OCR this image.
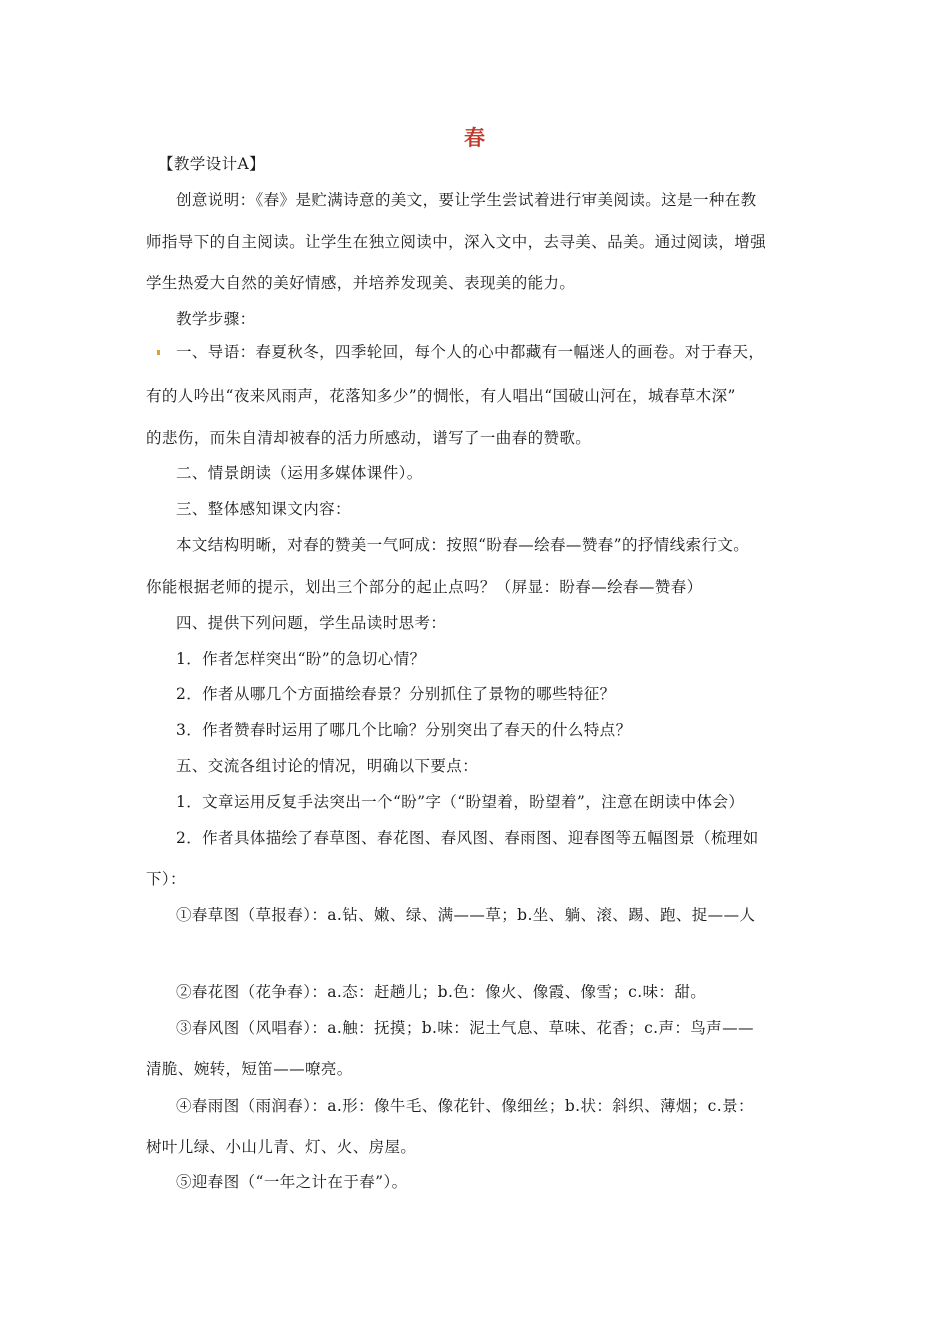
春
【教学设计A】
创意说明：《春》是贮满诗意的美文，要让学生尝试着进行审美阅读。这是一种在教
师指导下的自主阅读。让学生在独立阅读中，深入文中，去寻美、品美。通过阅读，增强
学生热爱大自然的美好情感，并培养发现美、表现美的能力。
教学步骤：
一、导语：春夏秋冬，四季轮回，每个人的心中都藏有一幅迷人的画卷。对于春天，
有的人吟出“夜来风雨声，花落知多少”的惆怅，有人唱出“国破山河在，城春草木深”
的悲伤，而朱自清却被春的活力所感动，谱写了一曲春的赞歌。
二、情景朗读（运用多媒体课件）。
三、整体感知课文内容：
本文结构明晰，对春的赞美一气呵成：按照“盼春—绘春—赞春”的抒情线索行文。
你能根据老师的提示，划出三个部分的起止点吗？（屏显：盼春—绘春—赞春）
四、提供下列问题，学生品读时思考：
1．作者怎样突出“盼”的急切心情？
2．作者从哪几个方面描绘春景？分别抓住了景物的哪些特征？
3．作者赞春时运用了哪几个比喻？分别突出了春天的什么特点？
五、交流各组讨论的情况，明确以下要点：
1．文章运用反复手法突出一个“盼”字（“盼望着，盼望着”，注意在朗读中体会）
2．作者具体描绘了春草图、春花图、春风图、春雨图、迎春图等五幅图景（梳理如
下）：
①春草图（草报春）：a.钻、嫩、绿、满——草；b.坐、躺、滚、踢、跑、捉——人
②春花图（花争春）：a.态：赶趟儿；b.色：像火、像霞、像雪；c.味：甜。
③春风图（风唱春）：a.触：抚摸；b.味：泥土气息、草味、花香；c.声：鸟声——
清脆、婉转，短笛——嘹亮。
④春雨图（雨润春）：a.形：像牛毛、像花针、像细丝；b.状：斜织、薄烟；c.景：
树叶儿绿、小山儿青、灯、火、房屋。
⑤迎春图（“一年之计在于春”）。
